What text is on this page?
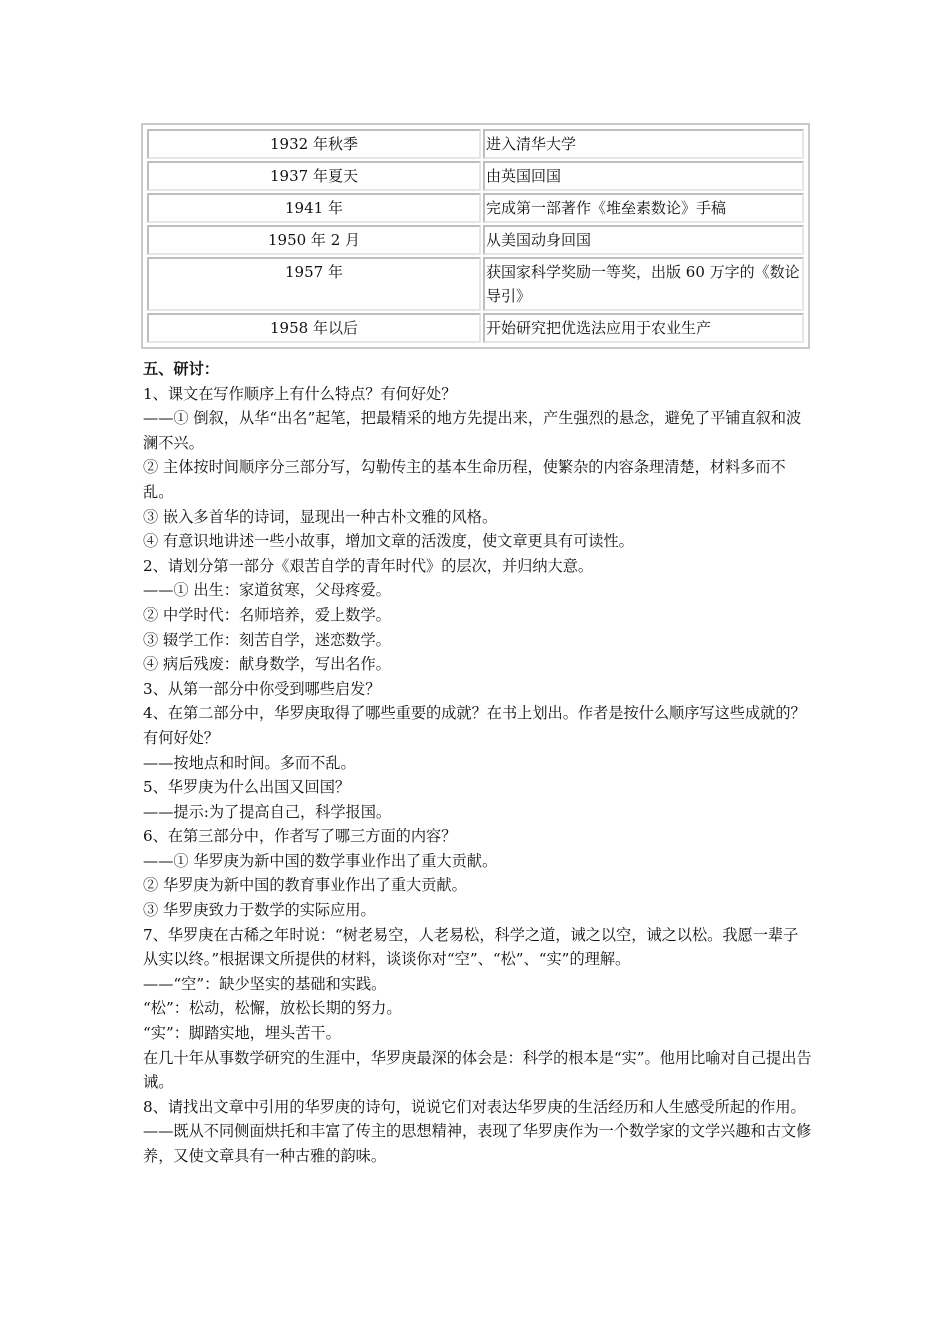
1932 年秋季	进入清华大学
1937 年夏天	由英国回国
1941 年	完成第一部著作《堆垒素数论》手稿
1950 年 2 月	从美国动身回国
1957 年	获国家科学奖励一等奖，出版 60 万字的《数论导引》
1958 年以后	开始研究把优选法应用于农业生产

五、研讨：

1、课文在写作顺序上有什么特点？有何好处？

——① 倒叙，从华“出名”起笔，把最精采的地方先提出来，产生强烈的悬念，避免了平铺直叙和波澜不兴。

② 主体按时间顺序分三部分写，勾勒传主的基本生命历程，使繁杂的内容条理清楚，材料多而不乱。

③ 嵌入多首华的诗词，显现出一种古朴文雅的风格。

④ 有意识地讲述一些小故事，增加文章的活泼度，使文章更具有可读性。

2、请划分第一部分《艰苦自学的青年时代》的层次，并归纳大意。

——① 出生：家道贫寒，父母疼爱。

② 中学时代：名师培养，爱上数学。

③ 辍学工作：刻苦自学，迷恋数学。

④ 病后残废：献身数学，写出名作。

3、从第一部分中你受到哪些启发？

4、在第二部分中，华罗庚取得了哪些重要的成就？在书上划出。作者是按什么顺序写这些成就的？有何好处？

——按地点和时间。多而不乱。

5、华罗庚为什么出国又回国？

——提示:为了提高自己，科学报国。

6、在第三部分中，作者写了哪三方面的内容？

——① 华罗庚为新中国的数学事业作出了重大贡献。

② 华罗庚为新中国的教育事业作出了重大贡献。

③ 华罗庚致力于数学的实际应用。

7、华罗庚在古稀之年时说：“树老易空，人老易松，科学之道，诫之以空，诫之以松。我愿一辈子从实以终。”根据课文所提供的材料，谈谈你对“空”、“松”、“实”的理解。

——“空”：缺少坚实的基础和实践。

“松”：松动，松懈，放松长期的努力。

“实”：脚踏实地，埋头苦干。

在几十年从事数学研究的生涯中，华罗庚最深的体会是：科学的根本是“实”。他用比喻对自己提出告诫。

8、请找出文章中引用的华罗庚的诗句，说说它们对表达华罗庚的生活经历和人生感受所起的作用。

——既从不同侧面烘托和丰富了传主的思想精神，表现了华罗庚作为一个数学家的文学兴趣和古文修养，又使文章具有一种古雅的韵味。
